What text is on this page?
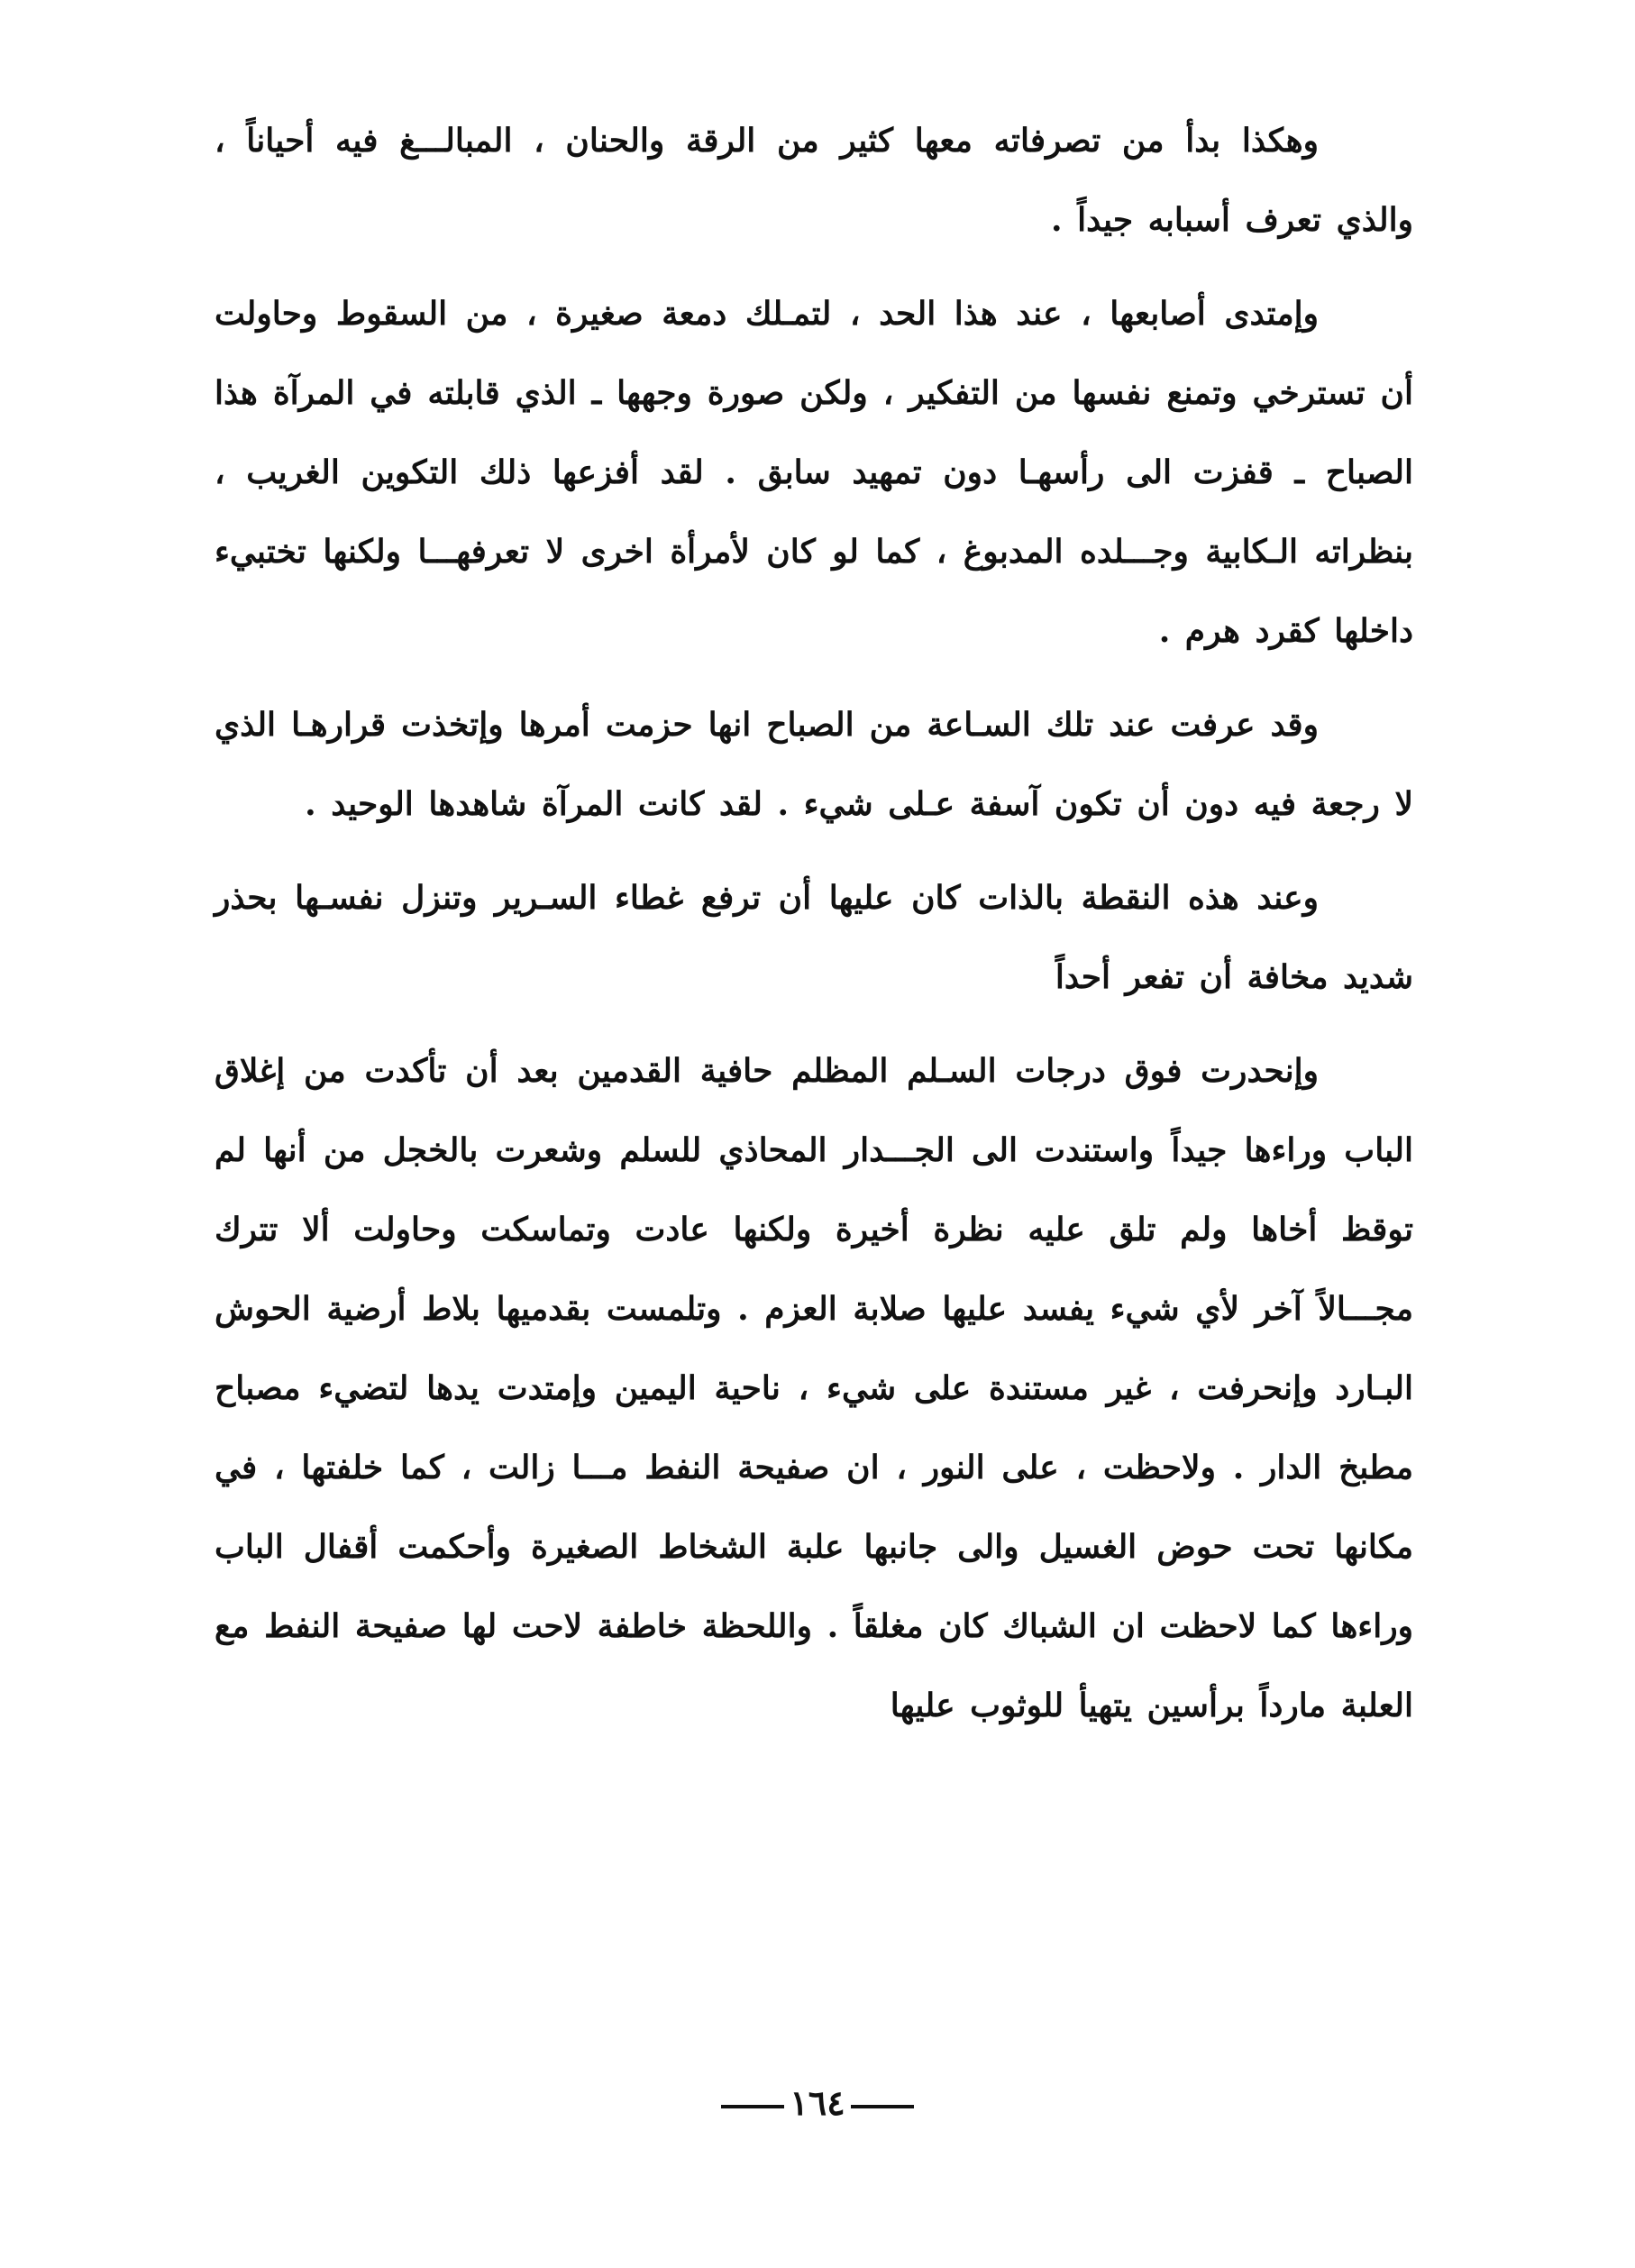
وهكذا بدأ من تصرفاته معها كثير من الرقة والحنان ، المبالـــغ فيه أحياناً ، والذي تعرف أسبابه جيداً .

وإمتدى أصابعها ، عند هذا الحد ، لتمـلك دمعة صغيرة ، من السقوط وحاولت أن تسترخي وتمنع نفسها من التفكير ، ولكن صورة وجهها ـ الذي قابلته في المرآة هذا الصباح ـ قفزت الى رأسهـا دون تمهيد سابق . لقد أفزعها ذلك التكوين الغريب ، بنظراته الـكابية وجـــلده المدبوغ ، كما لو كان لأمرأة اخرى لا تعرفهـــا ولكنها تختبيء داخلها كقرد هرم .

وقد عرفت عند تلك السـاعة من الصباح انها حزمت أمرها وإتخذت قرارهـا الذي لا رجعة فيه دون أن تكون آسفة عـلى شيء . لقد كانت المرآة شاهدها الوحيد .

وعند هذه النقطة بالذات كان عليها أن ترفع غطاء السـرير وتنزل نفسـها بحذر شديد مخافة أن تفعر أحداً

وإنحدرت فوق درجات السـلم المظلم حافية القدمين بعد أن تأكدت من إغلاق الباب وراءها جيداً واستندت الى الجـــدار المحاذي للسلم وشعرت بالخجل من أنها لم توقظ أخاها ولم تلق عليه نظرة أخيرة ولكنها عادت وتماسكت وحاولت ألا تترك مجـــالاً آخر لأي شيء يفسد عليها صلابة العزم . وتلمست بقدميها بلاط أرضية الحوش البـارد وإنحرفت ، غير مستندة على شيء ، ناحية اليمين وإمتدت يدها لتضيء مصباح مطبخ الدار . ولاحظت ، على النور ، ان صفيحة النفط مـــا زالت ، كما خلفتها ، في مكانها تحت حوض الغسيل والى جانبها علبة الشخاط الصغيرة وأحكمت أقفال الباب وراءها كما لاحظت ان الشباك كان مغلقاً . واللحظة خاطفة لاحت لها صفيحة النفط مع العلبة مارداً برأسين يتهيأ للوثوب عليها

١٦٤
